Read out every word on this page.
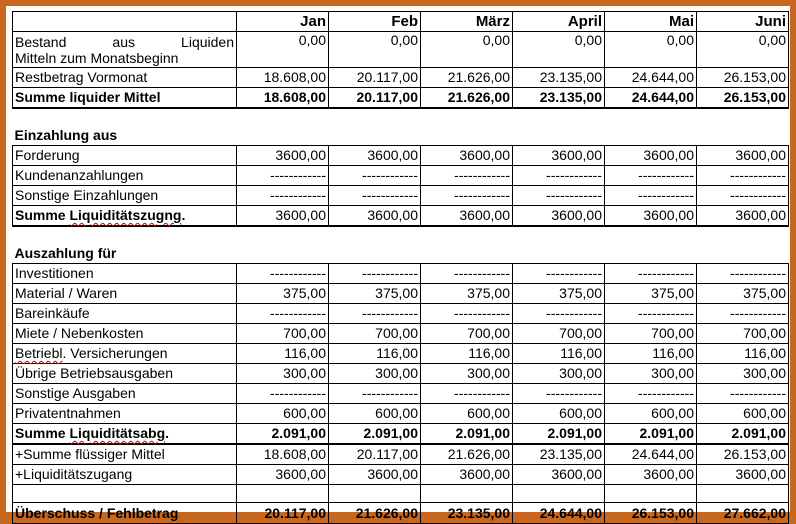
	Jan	Feb	März	April	Mai	Juni

Bestand aus Liquiden
Mitteln zum Monatsbeginn	0,00	0,00	0,00	0,00	0,00	0,00
Restbetrag Vormonat	18.608,00	20.117,00	21.626,00	23.135,00	24.644,00	26.153,00
Summe liquider Mittel	18.608,00	20.117,00	21.626,00	23.135,00	24.644,00	26.153,00

Einzahlung aus						
Forderung	3600,00	3600,00	3600,00	3600,00	3600,00	3600,00
Kundenanzahlungen	------------	------------	------------	------------	------------	------------
Sonstige Einzahlungen	------------	------------	------------	------------	------------	------------
Summe Liquiditätszugng.	3600,00	3600,00	3600,00	3600,00	3600,00	3600,00

Auszahlung für						
Investitionen	------------	------------	------------	------------	------------	------------
Material / Waren	375,00	375,00	375,00	375,00	375,00	375,00
Bareinkäufe	------------	------------	------------	------------	------------	------------
Miete / Nebenkosten	700,00	700,00	700,00	700,00	700,00	700,00
Betriebl. Versicherungen	116,00	116,00	116,00	116,00	116,00	116,00
Übrige Betriebsausgaben	300,00	300,00	300,00	300,00	300,00	300,00
Sonstige Ausgaben	------------	------------	------------	------------	------------	------------
Privatentnahmen	600,00	600,00	600,00	600,00	600,00	600,00
Summe Liquiditätsabg.	2.091,00	2.091,00	2.091,00	2.091,00	2.091,00	2.091,00
+Summe flüssiger Mittel	18.608,00	20.117,00	21.626,00	23.135,00	24.644,00	26.153,00
+Liquiditätszugang	3600,00	3600,00	3600,00	3600,00	3600,00	3600,00

Überschuss / Fehlbetrag	20.117,00	21.626,00	23.135,00	24.644,00	26.153,00	27.662,00
